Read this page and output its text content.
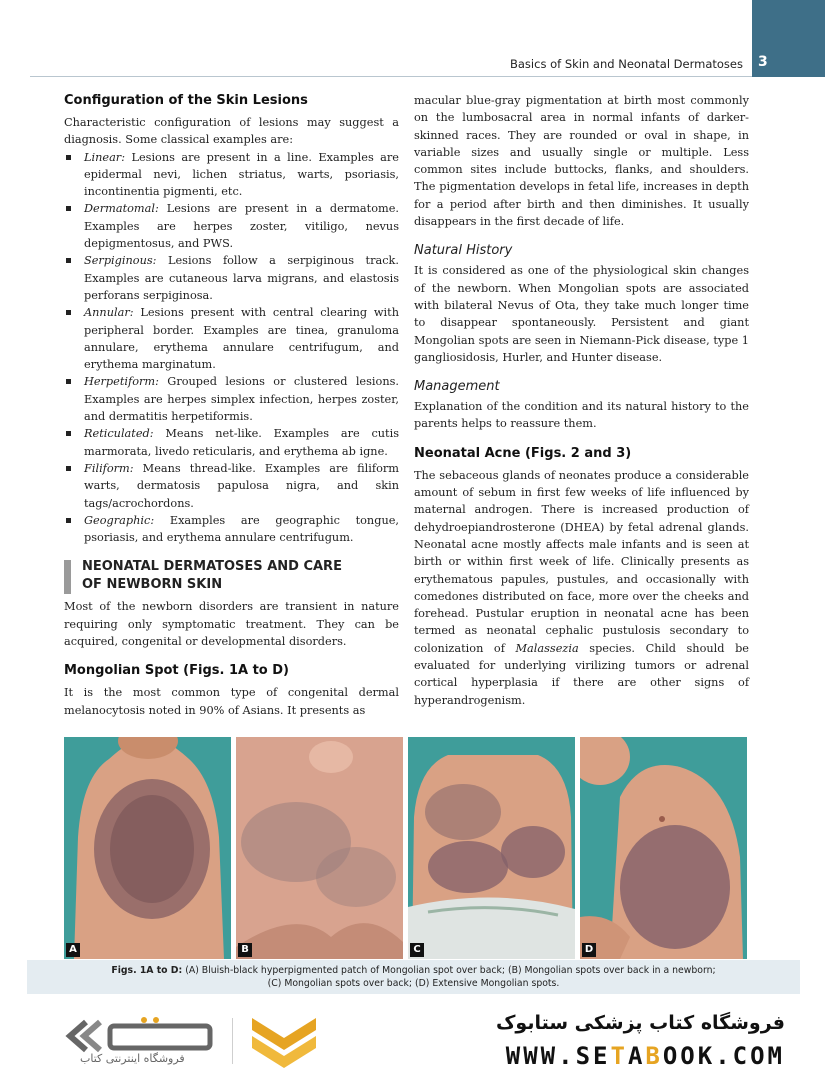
Basics of Skin and Neonatal Dermatoses 3
Configuration of the Skin Lesions

Characteristic configuration of lesions may suggest a diagnosis. Some classical examples are:

Linear: Lesions are present in a line. Examples are epidermal nevi, lichen striatus, warts, psoriasis, incontinentia pigmenti, etc.
Dermatomal: Lesions are present in a dermatome. Examples are herpes zoster, vitiligo, nevus depigmentosus, and PWS.
Serpiginous: Lesions follow a serpiginous track. Examples are cutaneous larva migrans, and elastosis perforans serpiginosa.
Annular: Lesions present with central clearing with peripheral border. Examples are tinea, granuloma annulare, erythema annulare centrifugum, and erythema marginatum.
Herpetiform: Grouped lesions or clustered lesions. Examples are herpes simplex infection, herpes zoster, and dermatitis herpetiformis.
Reticulated: Means net-like. Examples are cutis marmorata, livedo reticularis, and erythema ab igne.
Filiform: Means thread-like. Examples are filiform warts, dermatosis papulosa nigra, and skin tags/acrochordons.
Geographic: Examples are geographic tongue, psoriasis, and erythema annulare centrifugum.
NEONATAL DERMATOSES AND CARE
OF NEWBORN SKIN

Most of the newborn disorders are transient in nature requiring only symptomatic treatment. They can be acquired, congenital or developmental disorders.

Mongolian Spot (Figs. 1A to D)

It is the most common type of congenital dermal melanocytosis noted in 90% of Asians. It presents as

macular blue-gray pigmentation at birth most commonly on the lumbosacral area in normal infants of darker-skinned races. They are rounded or oval in shape, in variable sizes and usually single or multiple. Less common sites include buttocks, flanks, and shoulders. The pigmentation develops in fetal life, increases in depth for a period after birth and then diminishes. It usually disappears in the first decade of life.

Natural History

It is considered as one of the physiological skin changes of the newborn. When Mongolian spots are associated with bilateral Nevus of Ota, they take much longer time to disappear spontaneously. Persistent and giant Mongolian spots are seen in Niemann-Pick disease, type 1 gangliosidosis, Hurler, and Hunter disease.

Management

Explanation of the condition and its natural history to the parents helps to reassure them.

Neonatal Acne (Figs. 2 and 3)

The sebaceous glands of neonates produce a considerable amount of sebum in first few weeks of life influenced by maternal androgen. There is increased production of dehydroepiandrosterone (DHEA) by fetal adrenal glands. Neonatal acne mostly affects male infants and is seen at birth or within first week of life. Clinically presents as erythematous papules, pustules, and occasionally with comedones distributed on face, more over the cheeks and forehead. Pustular eruption in neonatal acne has been termed as neonatal cephalic pustulosis secondary to colonization of Malassezia species. Child should be evaluated for underlying virilizing tumors or adrenal cortical hyperplasia if there are other signs of hyperandrogenism.

A	B	C	D
Figs. 1A to D: (A) Bluish-black hyperpigmented patch of Mongolian spot over back; (B) Mongolian spots over back in a newborn;
(C) Mongolian spots over back; (D) Extensive Mongolian spots.
فروشگاه اینترنتی کتاب
فروشگاه کتاب پزشکی ستابوک
WWW.SETABOOK.COM
